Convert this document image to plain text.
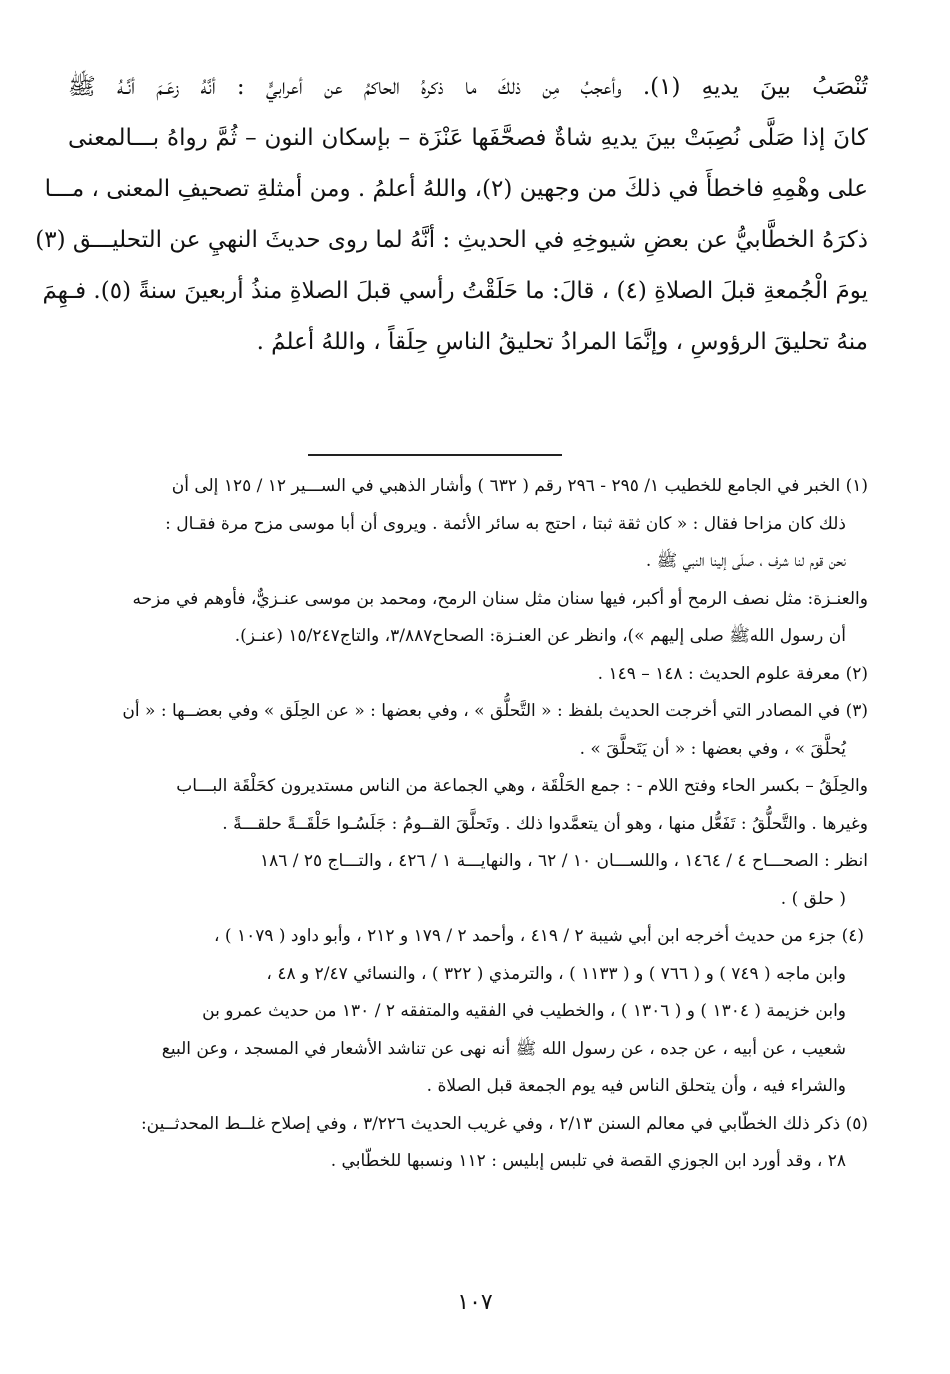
تُنْصَبُ بينَ يديهِ (١). وأعجبُ مِن ذلكَ ما ذكرهُ الحاكمُ عن أعرابيٍّ : أنَّهُ زعَـمَ أنَّـهُ ﷺ
كانَ إذا صَلَّى نُصِبَتْ بينَ يديهِ شاةٌ فصحَّفَها عَنْزَة – بإسكان النون – ثُمَّ رواهُ بـــالمعنى
على وهْمِهِ فاخطأَ في ذلكَ من وجهين (٢)، واللهُ أعلمُ . ومن أمثلةِ تصحيفِ المعنى ، مـــا
ذكرَهُ الخطَّابيُّ عن بعضِ شيوخِهِ في الحديثِ : أنَّهُ لما روى حديثَ النهيِ عن التحليـــق (٣)
يومَ الْجُمعةِ قبلَ الصلاةِ (٤) ، قالَ: ما حَلَقْتُ رأسي قبلَ الصلاةِ منذُ أربعينَ سنةً (٥). فـهِمَ
منهُ تحليقَ الرؤوسِ ، وإنَّمَا المرادُ تحليقُ الناسِ حِلَقاً ، واللهُ أعلمُ .
(١) الخبر في الجامع للخطيب ١/ ٢٩٥ - ٢٩٦ رقم ( ٦٣٢ ) وأشار الذهبي في الســـير ١٢ / ١٢٥ إلى أن
ذلك كان مزاحا فقال : « كان ثقة ثبتا ، احتج به سائر الأئمة . ويروى أن أبا موسى مزح مرة فقـال :
نحن قوم لنا شرف ، صلّى إلينا النبي ﷺ .
والعنـزة: مثل نصف الرمح أو أكبر، فيها سنان مثل سنان الرمح، ومحمد بن موسى عنـزيٌّ، فأوهم في مزحه
أن رسول اللهﷺ صلى إليهم »)، وانظر عن العنـزة: الصحاح٣/٨٨٧، والتاج١٥/٢٤٧ (عنـز).
(٢) معرفة علوم الحديث : ١٤٨ – ١٤٩ .
(٣) في المصادر التي أخرجت الحديث بلفظ : « التَّحلُّق » ، وفي بعضها : « عن الحِلَق » وفي بعضــها : « أن
يُحلَّقَ » ، وفي بعضها : « أن يَتَحلَّقَ » .
والحِلَقُ – بكسر الحاء وفتح اللام - : جمع الحَلْقَة ، وهي الجماعة من الناس مستديرون كحَلْقَة البـــاب
وغيرها . والتَّحلُّقُ : تَفَعُّل منها ، وهو أن يتعمَّدوا ذلك . وتَحلَّقَ القــومُ : جَلَسُـوا حَلْقَــةً حلقـــةً .
انظر : الصحـــاح ٤ / ١٤٦٤ ، واللســـان ١٠ / ٦٢ ، والنهايـــة ١ / ٤٢٦ ، والتـــاج ٢٥ / ١٨٦
( حلق ) .
(٤) جزء من حديث أخرجه ابن أبي شيبة ٢ / ٤١٩ ، وأحمد ٢ / ١٧٩ و ٢١٢ ، وأبو داود ( ١٠٧٩ ) ،
وابن ماجه ( ٧٤٩ ) و ( ٧٦٦ ) و ( ١١٣٣ ) ، والترمذي ( ٣٢٢ ) ، والنسائي ٢/٤٧ و ٤٨ ،
وابن خزيمة ( ١٣٠٤ ) و ( ١٣٠٦ ) ، والخطيب في الفقيه والمتفقه ٢ / ١٣٠ من حديث عمرو بن
شعيب ، عن أبيه ، عن جده ، عن رسول الله ﷺ أنه نهى عن تناشد الأشعار في المسجد ، وعن البيع
والشراء فيه ، وأن يتحلق الناس فيه يوم الجمعة قبل الصلاة .
(٥) ذكر ذلك الخطّابي في معالم السنن ٢/١٣ ، وفي غريب الحديث ٣/٢٢٦ ، وفي إصلاح غلــط المحدثــين:
٢٨ ، وقد أورد ابن الجوزي القصة في تلبس إبليس : ١١٢ ونسبها للخطّابي .
١٠٧
